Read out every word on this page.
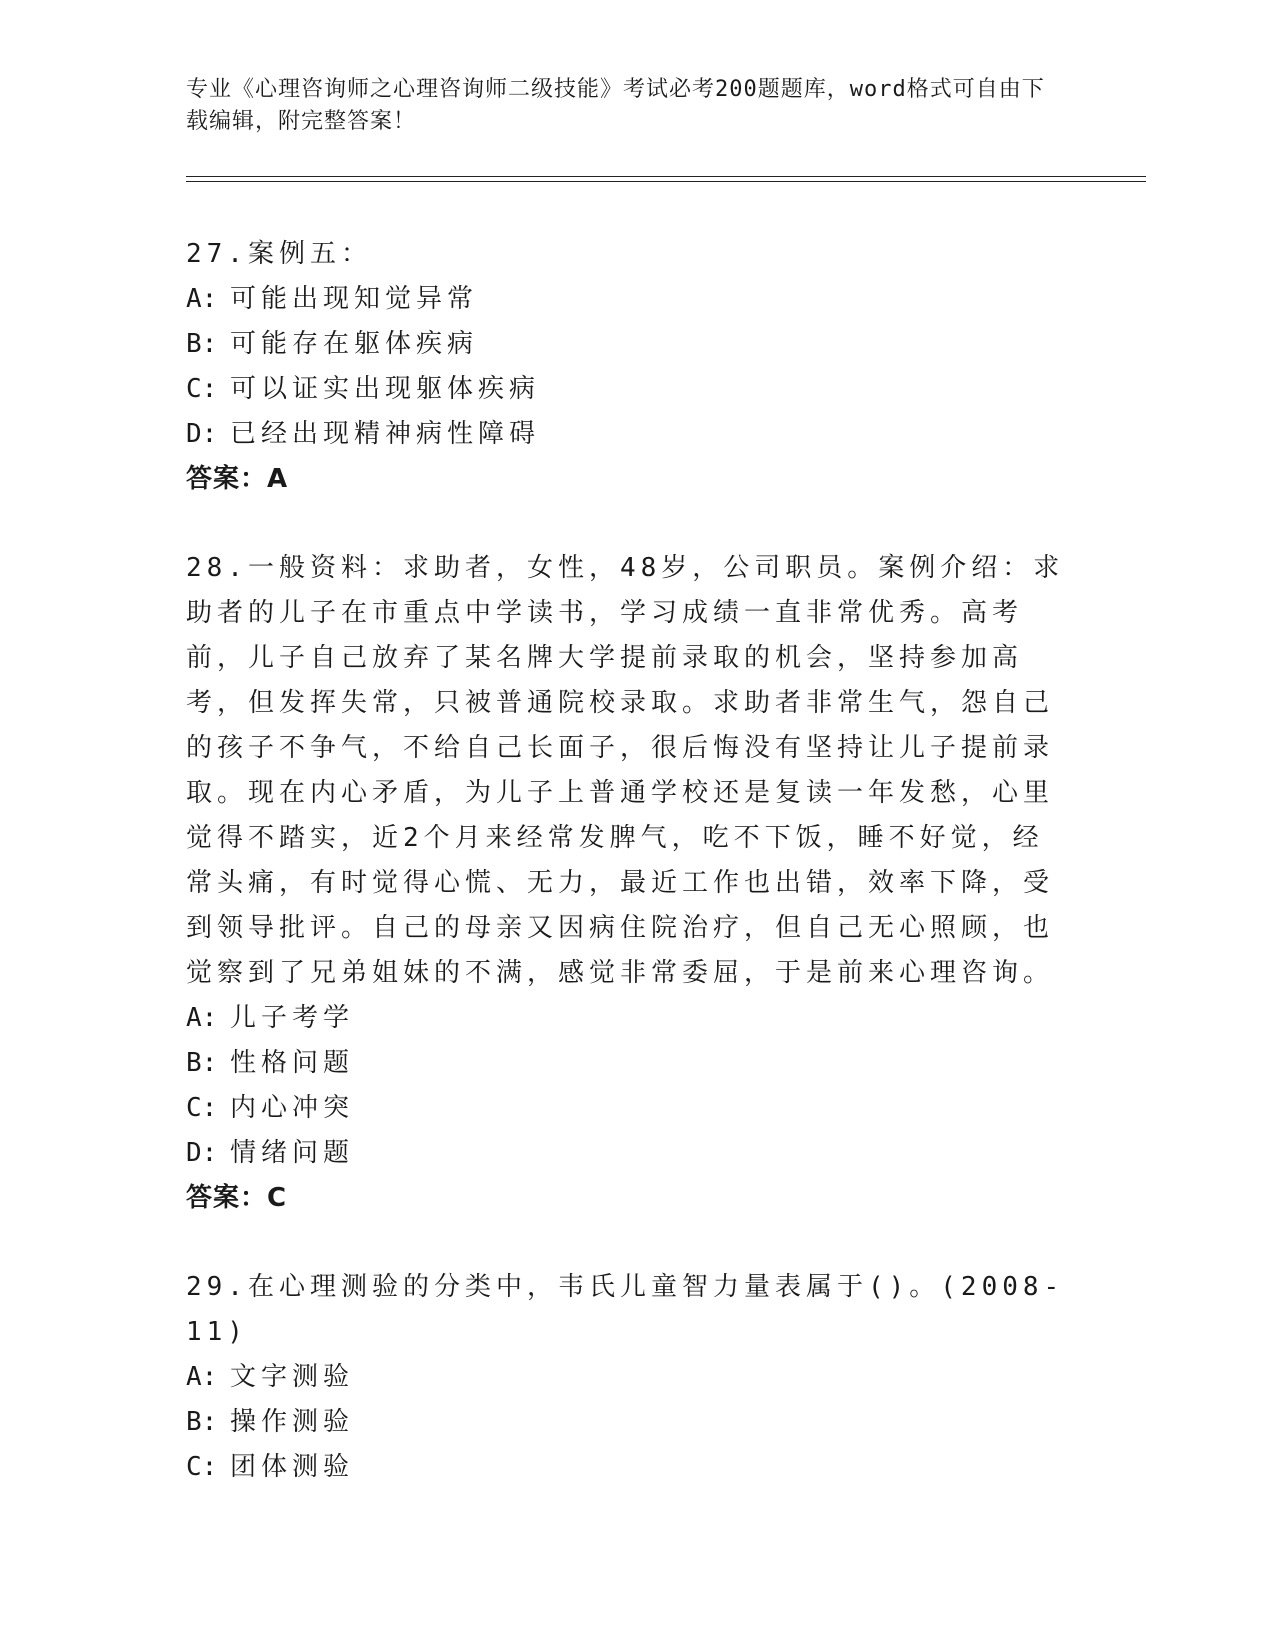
专业《心理咨询师之心理咨询师二级技能》考试必考200题题库，word格式可自由下载编辑，附完整答案！

27.案例五：

A: 可能出现知觉异常

B: 可能存在躯体疾病

C: 可以证实出现躯体疾病

D: 已经出现精神病性障碍

答案：A

28.一般资料：求助者，女性，48岁，公司职员。案例介绍：求助者的儿子在市重点中学读书，学习成绩一直非常优秀。高考前，儿子自己放弃了某名牌大学提前录取的机会，坚持参加高考，但发挥失常，只被普通院校录取。求助者非常生气，怨自己的孩子不争气，不给自己长面子，很后悔没有坚持让儿子提前录取。现在内心矛盾，为儿子上普通学校还是复读一年发愁，心里觉得不踏实，近2个月来经常发脾气，吃不下饭，睡不好觉，经常头痛，有时觉得心慌、无力，最近工作也出错，效率下降，受到领导批评。自己的母亲又因病住院治疗，但自己无心照顾，也觉察到了兄弟姐妹的不满，感觉非常委屈，于是前来心理咨询。

A: 儿子考学

B: 性格问题

C: 内心冲突

D: 情绪问题

答案：C

29.在心理测验的分类中，韦氏儿童智力量表属于()。(2008-11)

A: 文字测验

B: 操作测验

C: 团体测验
